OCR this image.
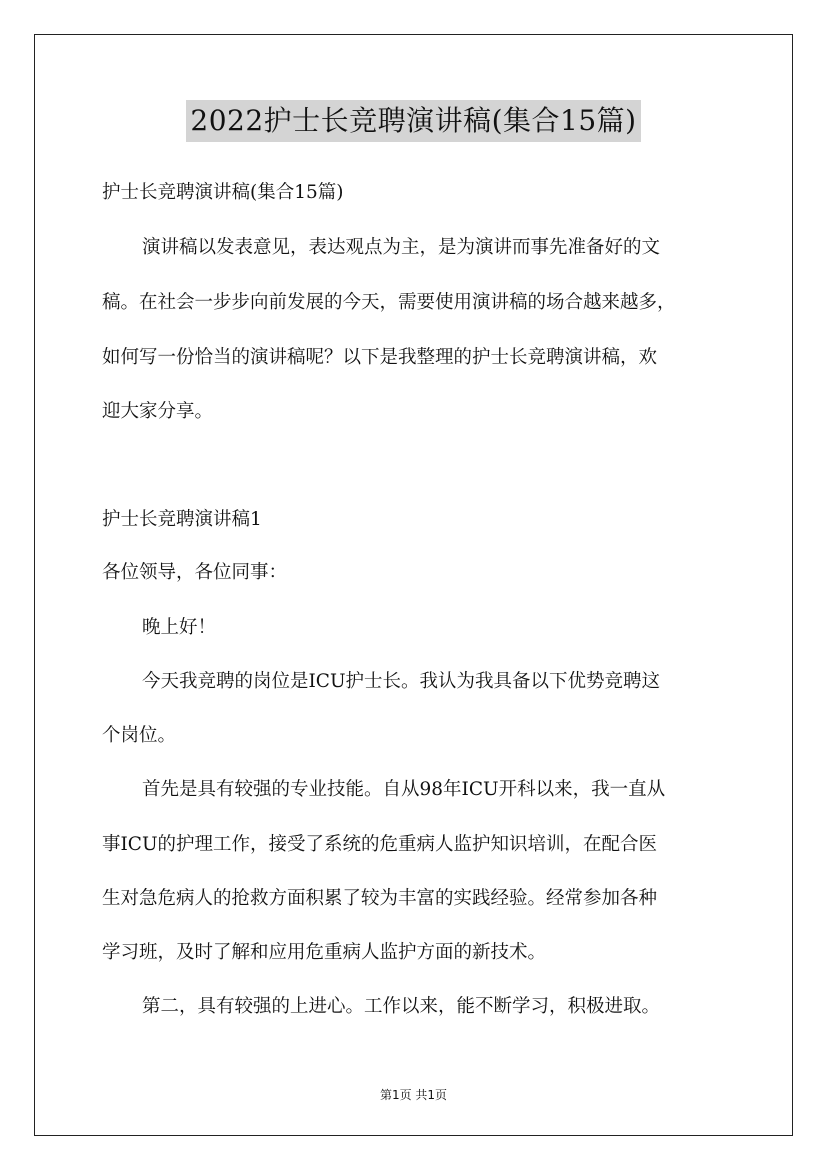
2022护士长竞聘演讲稿(集合15篇)
护士长竞聘演讲稿(集合15篇)
演讲稿以发表意见，表达观点为主，是为演讲而事先准备好的文
稿。在社会一步步向前发展的今天，需要使用演讲稿的场合越来越多，
如何写一份恰当的演讲稿呢？以下是我整理的护士长竞聘演讲稿，欢
迎大家分享。
护士长竞聘演讲稿1
各位领导，各位同事：
晚上好！
今天我竞聘的岗位是ICU护士长。我认为我具备以下优势竞聘这
个岗位。
首先是具有较强的专业技能。自从98年ICU开科以来，我一直从
事ICU的护理工作，接受了系统的危重病人监护知识培训，在配合医
生对急危病人的抢救方面积累了较为丰富的实践经验。经常参加各种
学习班，及时了解和应用危重病人监护方面的新技术。
第二，具有较强的上进心。工作以来，能不断学习，积极进取。
第1页 共1页
